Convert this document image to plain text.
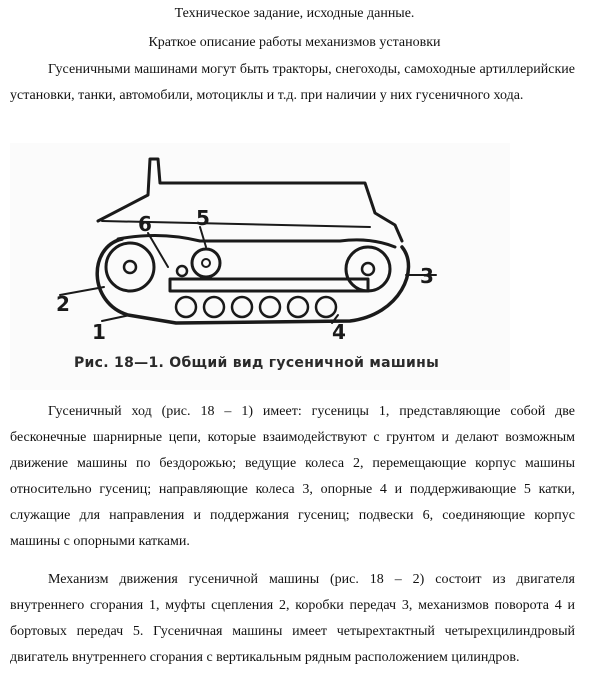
Техническое задание, исходные данные.
Краткое описание работы механизмов установки

Гусеничными машинами могут быть тракторы, снегоходы, самоходные артиллерийские установки, танки, автомобили, мотоциклы и т.д. при наличии у них гусеничного хода.

6 5
2
1
3
4
Рис. 18—1. Общий вид гусеничной машины

Гусеничный ход (рис. 18 – 1) имеет: гусеницы 1, представляющие собой две бесконечные шарнирные цепи, которые взаимодействуют с грунтом и делают возможным движение машины по бездорожью; ведущие колеса 2, перемещающие корпус машины относительно гусениц; направляющие колеса 3, опорные 4 и поддерживающие 5 катки, служащие для направления и поддержания гусениц; подвески 6, соединяющие корпус машины с опорными катками.

Механизм движения гусеничной машины (рис. 18 – 2) состоит из двигателя внутреннего сгорания 1, муфты сцепления 2, коробки передач 3, механизмов поворота 4 и бортовых передач 5. Гусеничная машины имеет четырехтактный четырехцилиндровый двигатель внутреннего сгорания с вертикальным рядным расположением цилиндров.
